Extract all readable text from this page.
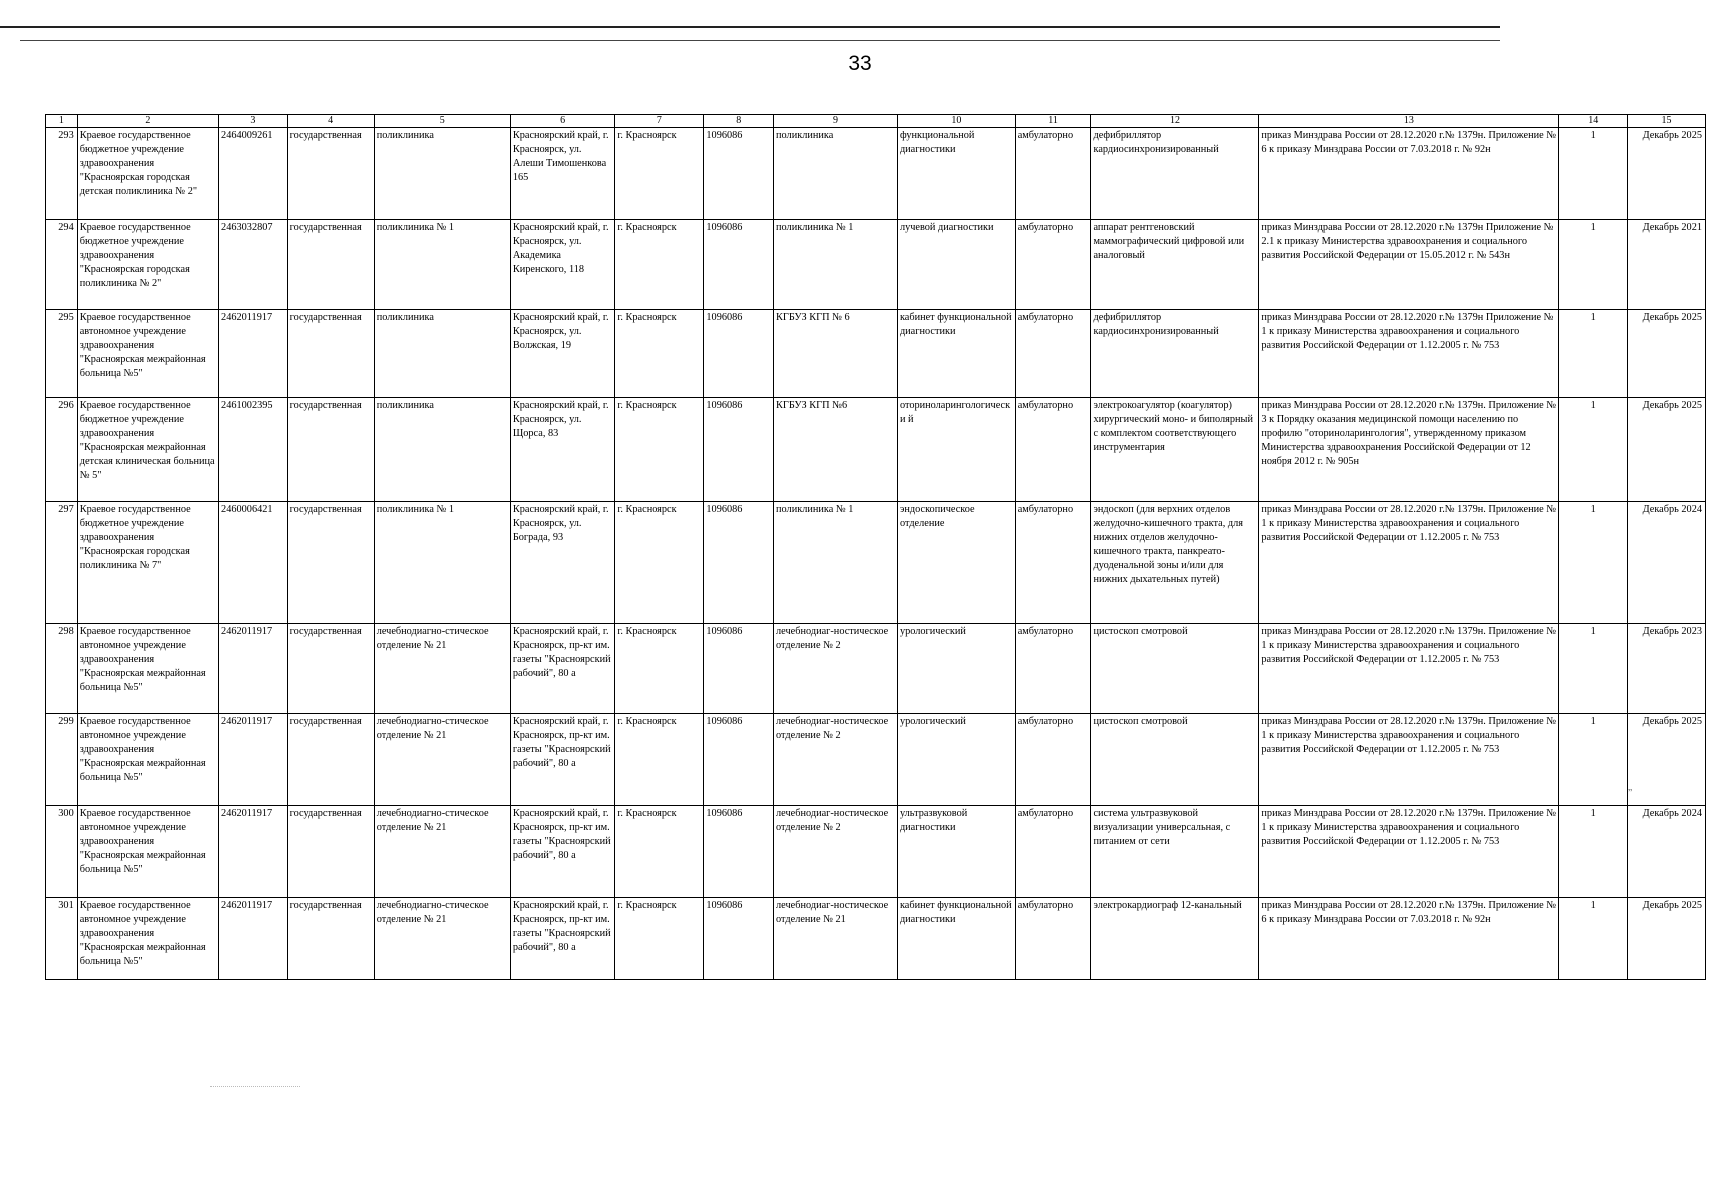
33
1	2	3	4	5	6	7	8	9	10	11	12	13	14	15
293	Краевое государственное бюджетное учреждение здравоохранения "Красноярская городская детская поликлиника № 2"	2464009261	государственная	поликлиника	Красноярский край, г. Красноярск, ул. Алеши Тимошенкова 165	г. Красноярск	1096086	поликлиника	функциональной диагностики	амбулаторно	дефибриллятор кардиосинхронизированный	приказ Минздрава России от 28.12.2020 г.№ 1379н. Приложение № 6 к приказу Минздрава России от 7.03.2018 г. № 92н	1	Декабрь 2025
294	Краевое государственное бюджетное учреждение здравоохранения "Красноярская городская поликлиника № 2"	2463032807	государственная	поликлиника № 1	Красноярский край, г. Красноярск, ул. Академика Киренского, 118	г. Красноярск	1096086	поликлиника № 1	лучевой диагностики	амбулаторно	аппарат рентгеновский маммографический цифровой или аналоговый	приказ Минздрава России от 28.12.2020 г.№ 1379н Приложение № 2.1 к приказу Министерства здравоохранения и социального развития Российской Федерации от 15.05.2012 г. № 543н	1	Декабрь 2021
295	Краевое государственное автономное учреждение здравоохранения "Красноярская межрайонная больница №5"	2462011917	государственная	поликлиника	Красноярский край, г. Красноярск, ул. Волжская, 19	г. Красноярск	1096086	КГБУЗ КГП № 6	кабинет функциональной диагностики	амбулаторно	дефибриллятор кардиосинхронизированный	приказ Минздрава России от 28.12.2020 г.№ 1379н Приложение № 1 к приказу Министерства здравоохранения и социального развития Российской Федерации от 1.12.2005 г. № 753	1	Декабрь 2025
296	Краевое государственное бюджетное учреждение здравоохранения "Красноярская межрайонная детская клиническая больница № 5"	2461002395	государственная	поликлиника	Красноярский край, г. Красноярск, ул. Щорса, 83	г. Красноярск	1096086	КГБУЗ КГП №6	оториноларингологически й	амбулаторно	электрокоагулятор (коагулятор) хирургический моно- и биполярный с комплектом соответствующего инструментария	приказ Минздрава России от 28.12.2020 г.№ 1379н. Приложение № 3 к Порядку оказания медицинской помощи населению по профилю "оториноларингология", утвержденному приказом Министерства здравоохранения Российской Федерации от 12 ноября 2012 г. № 905н	1	Декабрь 2025
297	Краевое государственное бюджетное учреждение здравоохранения "Красноярская городская поликлиника № 7"	2460006421	государственная	поликлиника № 1	Красноярский край, г. Красноярск, ул. Бограда, 93	г. Красноярск	1096086	поликлиника № 1	эндоскопическое отделение	амбулаторно	эндоскоп (для верхних отделов желудочно-кишечного тракта, для нижних отделов желудочно-кишечного тракта, панкреато-дуоденальной зоны и/или для нижних дыхательных путей)	приказ Минздрава России от 28.12.2020 г.№ 1379н. Приложение № 1 к приказу Министерства здравоохранения и социального развития Российской Федерации от 1.12.2005 г. № 753	1	Декабрь 2024
298	Краевое государственное автономное учреждение здравоохранения "Красноярская межрайонная больница №5"	2462011917	государственная	лечебнодиагно-стическое отделение № 21	Красноярский край, г. Красноярск, пр-кт им. газеты "Красноярский рабочий", 80 а	г. Красноярск	1096086	лечебнодиаг-ностическое отделение № 2	урологический	амбулаторно	цистоскоп смотровой	приказ Минздрава России от 28.12.2020 г.№ 1379н. Приложение № 1 к приказу Министерства здравоохранения и социального развития Российской Федерации от 1.12.2005 г. № 753	1	Декабрь 2023
299	Краевое государственное автономное учреждение здравоохранения "Красноярская межрайонная больница №5"	2462011917	государственная	лечебнодиагно-стическое отделение № 21	Красноярский край, г. Красноярск, пр-кт им. газеты "Красноярский рабочий", 80 а	г. Красноярск	1096086	лечебнодиаг-ностическое отделение № 2	урологический	амбулаторно	цистоскоп смотровой	приказ Минздрава России от 28.12.2020 г.№ 1379н. Приложение № 1 к приказу Министерства здравоохранения и социального развития Российской Федерации от 1.12.2005 г. № 753	1	Декабрь 2025
300	Краевое государственное автономное учреждение здравоохранения "Красноярская межрайонная больница №5"	2462011917	государственная	лечебнодиагно-стическое отделение № 21	Красноярский край, г. Красноярск, пр-кт им. газеты "Красноярский рабочий", 80 а	г. Красноярск	1096086	лечебнодиаг-ностическое отделение № 2	ультразвуковой диагностики	амбулаторно	система ультразвуковой визуализации универсальная, с питанием от сети	приказ Минздрава России от 28.12.2020 г.№ 1379н. Приложение № 1 к приказу Министерства здравоохранения и социального развития Российской Федерации от 1.12.2005 г. № 753	1	Декабрь 2024
301	Краевое государственное автономное учреждение здравоохранения "Красноярская межрайонная больница №5"	2462011917	государственная	лечебнодиагно-стическое отделение № 21	Красноярский край, г. Красноярск, пр-кт им. газеты "Красноярский рабочий", 80 а	г. Красноярск	1096086	лечебнодиаг-ностическое отделение № 21	кабинет функциональной диагностики	амбулаторно	электрокардиограф 12-канальный	приказ Минздрава России от 28.12.2020 г.№ 1379н. Приложение № 6 к приказу Минздрава России от 7.03.2018 г. № 92н	1	Декабрь 2025
’’
